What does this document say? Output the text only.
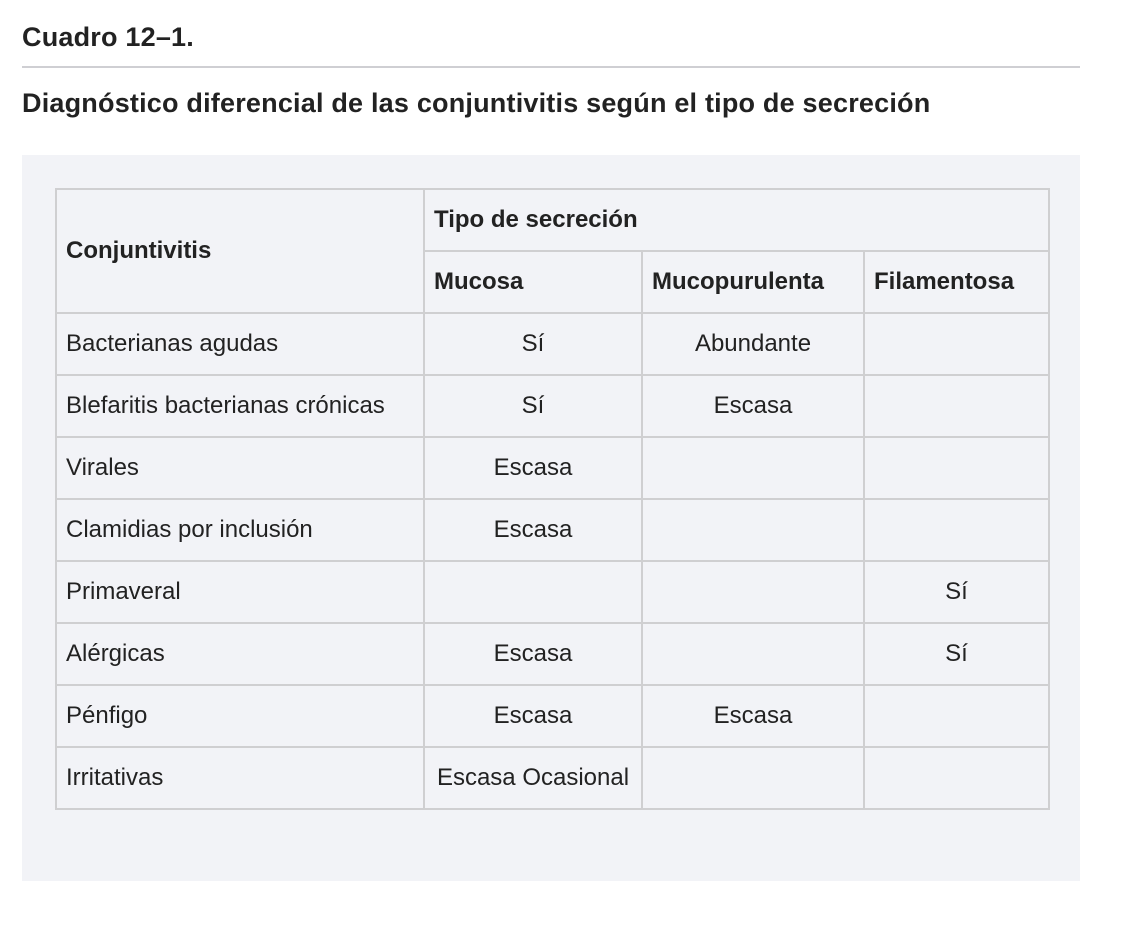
Cuadro 12–1.
Diagnóstico diferencial de las conjuntivitis según el tipo de secreción
Conjuntivitis	Tipo de secreción		
	Mucosa	Mucopurulenta	Filamentosa
Bacterianas agudas	Sí	Abundante	
Blefaritis bacterianas crónicas	Sí	Escasa	
Virales	Escasa		
Clamidias por inclusión	Escasa		
Primaveral			Sí
Alérgicas	Escasa		Sí
Pénfigo	Escasa	Escasa	
Irritativas	Escasa Ocasional		
